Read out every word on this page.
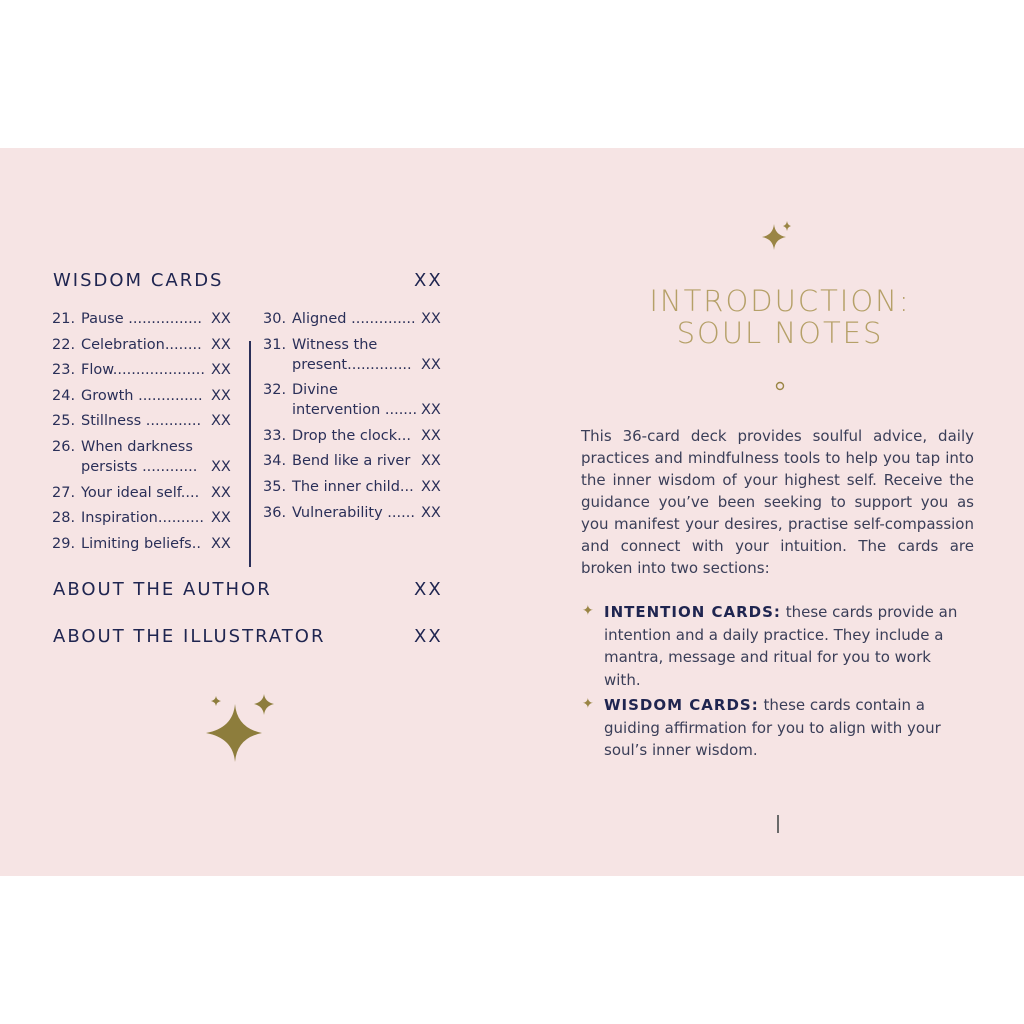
WISDOM CARDS	XX
21. Pause ................ XX
22. Celebration........ XX
23. Flow.................... XX
24. Growth .............. XX
25. Stillness ............ XX
26. When darkness
persists ............ XX
27. Your ideal self.... XX
28. Inspiration.......... XX
29. Limiting beliefs.. XX
30. Aligned .............. XX
31. Witness the
present.............. XX
32. Divine
intervention ....... XX
33. Drop the clock... XX
34. Bend like a river XX
35. The inner child... XX
36. Vulnerability ...... XX
ABOUT THE AUTHOR	XX
ABOUT THE ILLUSTRATOR	XX
INTRODUCTION:
SOUL NOTES
This 36-card deck provides soulful advice, daily practices and mindfulness tools to help you tap into the inner wisdom of your highest self. Receive the guidance you’ve been seeking to support you as you manifest your desires, practise self-compassion and connect with your intuition. The cards are broken into two sections:
✦ INTENTION CARDS: these cards provide an intention and a daily practice. They include a mantra, message and ritual for you to work with.
✦ WISDOM CARDS: these cards contain a guiding affirmation for you to align with your soul’s inner wisdom.
